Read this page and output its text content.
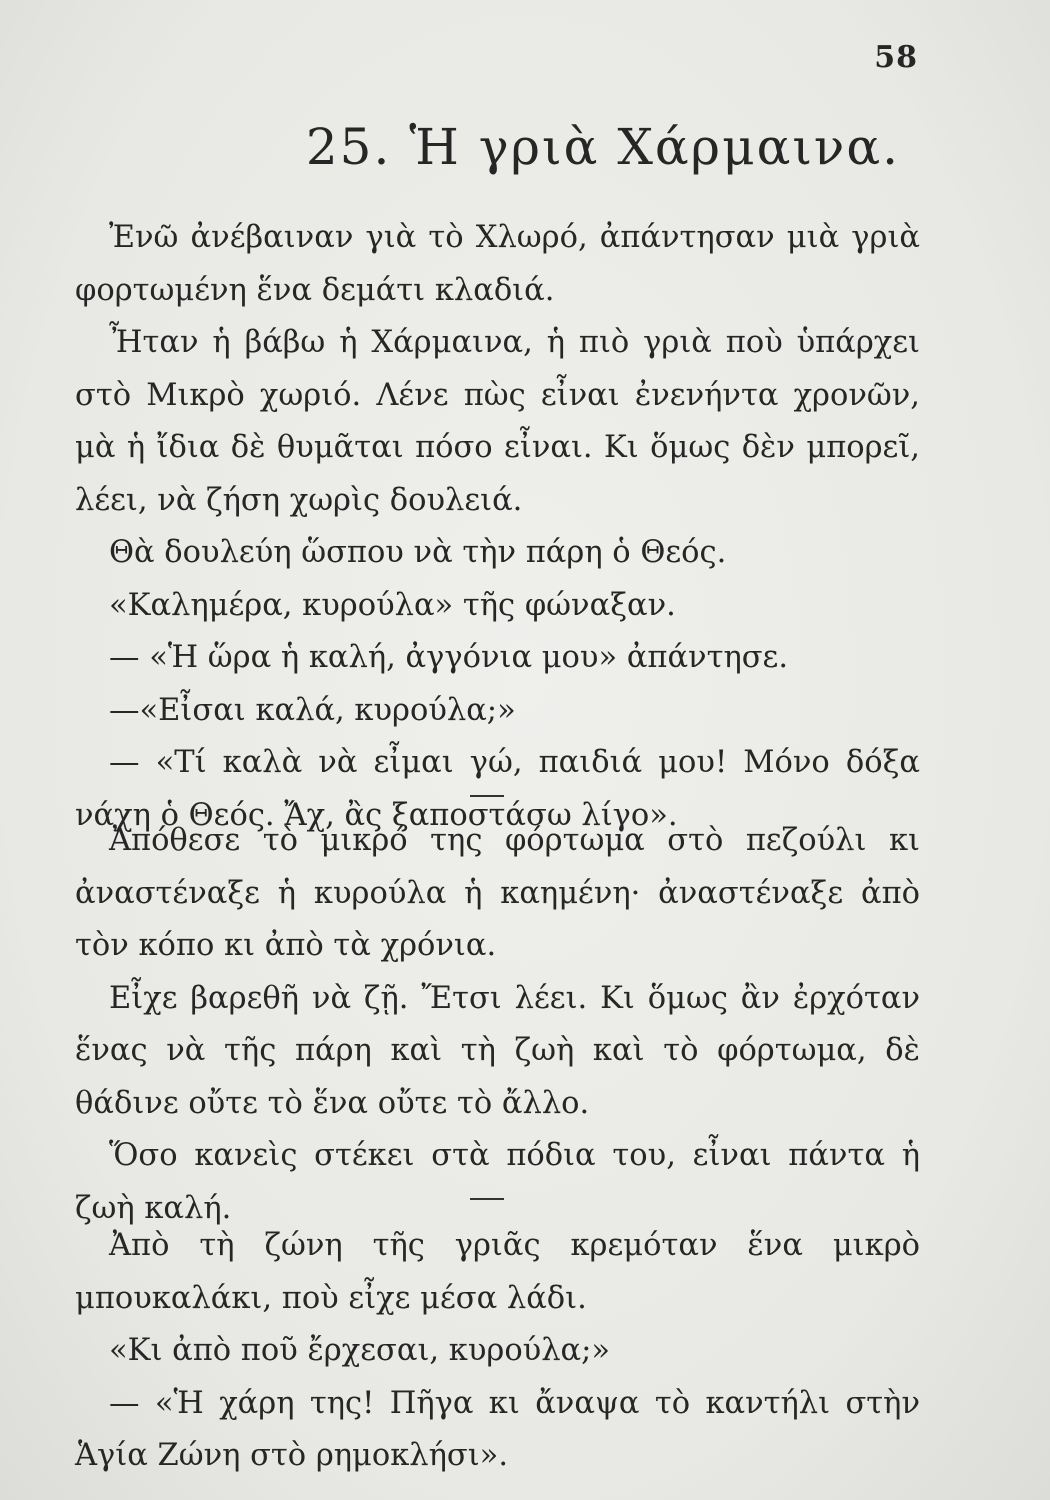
58
25. Ἡ γριὰ Χάρμαινα.

Ἐνῶ ἀνέβαιναν γιὰ τὸ Χλωρό, ἀπάντησαν μιὰ γριὰ φορτωμένη ἕνα δεμάτι κλαδιά.

Ἦταν ἡ βάβω ἡ Χάρμαινα, ἡ πιὸ γριὰ ποὺ ὑπάρχει στὸ Μικρὸ χωριό. Λένε πὼς εἶναι ἐνενήντα χρονῶν, μὰ ἡ ἴδια δὲ θυμᾶται πόσο εἶναι. Κι ὅμως δὲν μπορεῖ, λέει, νὰ ζήση χωρὶς δουλειά.

Θὰ δουλεύη ὥσπου νὰ τὴν πάρη ὁ Θεός.

«Καλημέρα, κυρούλα» τῆς φώναξαν.

— «Ἡ ὥρα ἡ καλή, ἀγγόνια μου» ἀπάντησε.

—«Εἶσαι καλά, κυρούλα;»

— «Τί καλὰ νὰ εἶμαι γώ, παιδιά μου! Μόνο δόξα νάχη ὁ Θεός. Ἄχ, ἂς ξαποστάσω λίγο».

Ἀπόθεσε τὸ μικρό της φόρτωμα στὸ πεζούλι κι ἀναστέναξε ἡ κυρούλα ἡ καημένη· ἀναστέναξε ἀπὸ τὸν κόπο κι ἀπὸ τὰ χρόνια.

Εἶχε βαρεθῆ νὰ ζῇ. Ἔτσι λέει. Κι ὅμως ἂν ἐρχόταν ἕνας νὰ τῆς πάρη καὶ τὴ ζωὴ καὶ τὸ φόρτωμα, δὲ θάδινε οὔτε τὸ ἕνα οὔτε τὸ ἄλλο.

Ὅσο κανεὶς στέκει στὰ πόδια του, εἶναι πάντα ἡ ζωὴ καλή.

Ἀπὸ τὴ ζώνη τῆς γριᾶς κρεμόταν ἕνα μικρὸ μπουκαλάκι, ποὺ εἶχε μέσα λάδι.

«Κι ἀπὸ ποῦ ἔρχεσαι, κυρούλα;»

— «Ἡ χάρη της! Πῆγα κι ἄναψα τὸ καντήλι στὴν Ἁγία Ζώνη στὸ ρημοκλήσι».
